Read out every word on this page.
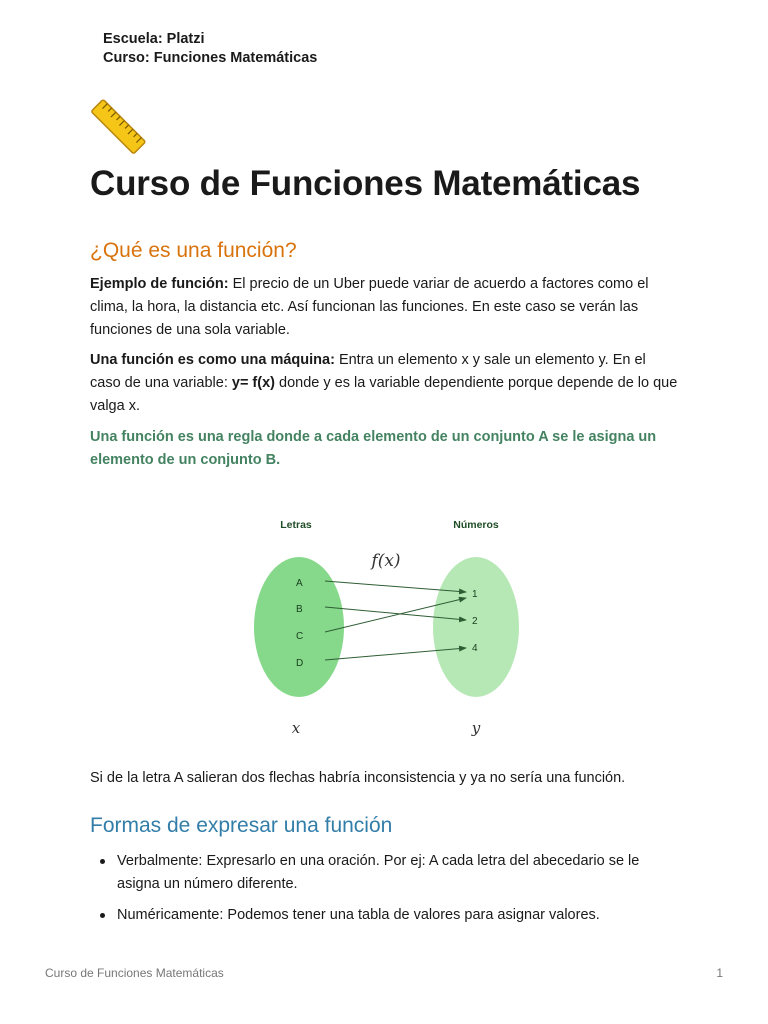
Escuela: Platzi
Curso: Funciones Matemáticas
Curso de Funciones Matemáticas
¿Qué es una función?

Ejemplo de función: El precio de un Uber puede variar de acuerdo a factores como el clima, la hora, la distancia etc. Así funcionan las funciones. En este caso se verán las funciones de una sola variable.

Una función es como una máquina: Entra un elemento x y sale un elemento y. En el caso de una variable: y= f(x) donde y es la variable dependiente porque depende de lo que valga x.

Una función es una regla donde a cada elemento de un conjunto A se le asigna un elemento de un conjunto B.

Letras	Números
f(x)
A
B
C
D
1
2
4
x	y

Si de la letra A salieran dos flechas habría inconsistencia y ya no sería una función.

Formas de expresar una función
Verbalmente: Expresarlo en una oración. Por ej: A cada letra del abecedario se le asigna un número diferente.
Numéricamente: Podemos tener una tabla de valores para asignar valores.
Curso de Funciones Matemáticas	1
